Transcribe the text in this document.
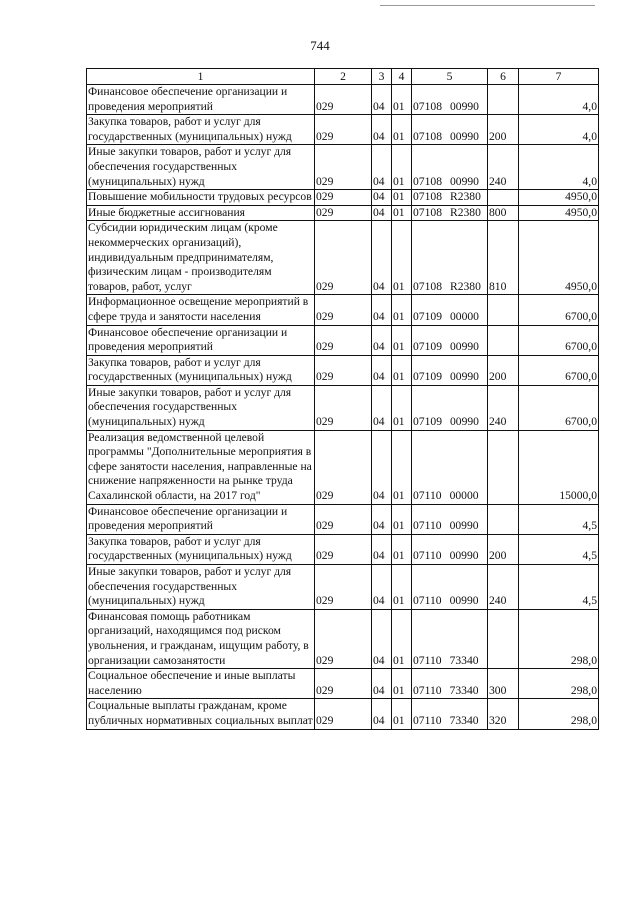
744
1	2	3	4	5	6	7
Финансовое обеспечение организации и проведения мероприятий	029	04	01	07108 00990		4,0
Закупка товаров, работ и услуг для государственных (муниципальных) нужд	029	04	01	07108 00990	200	4,0
Иные закупки товаров, работ и услуг для обеспечения государственных (муниципальных) нужд	029	04	01	07108 00990	240	4,0
Повышение мобильности трудовых ресурсов	029	04	01	07108 R2380		4950,0
Иные бюджетные ассигнования	029	04	01	07108 R2380	800	4950,0
Субсидии юридическим лицам (кроме некоммерческих организаций), индивидуальным предпринимателям, физическим лицам - производителям товаров, работ, услуг	029	04	01	07108 R2380	810	4950,0
Информационное освещение мероприятий в сфере труда и занятости населения	029	04	01	07109 00000		6700,0
Финансовое обеспечение организации и проведения мероприятий	029	04	01	07109 00990		6700,0
Закупка товаров, работ и услуг для государственных (муниципальных) нужд	029	04	01	07109 00990	200	6700,0
Иные закупки товаров, работ и услуг для обеспечения государственных (муниципальных) нужд	029	04	01	07109 00990	240	6700,0
Реализация ведомственной целевой программы "Дополнительные мероприятия в сфере занятости населения, направленные на снижение напряженности на рынке труда Сахалинской области, на 2017 год"	029	04	01	07110 00000		15000,0
Финансовое обеспечение организации и проведения мероприятий	029	04	01	07110 00990		4,5
Закупка товаров, работ и услуг для государственных (муниципальных) нужд	029	04	01	07110 00990	200	4,5
Иные закупки товаров, работ и услуг для обеспечения государственных (муниципальных) нужд	029	04	01	07110 00990	240	4,5
Финансовая помощь работникам организаций, находящимся под риском увольнения, и гражданам, ищущим работу, в организации самозанятости	029	04	01	07110 73340		298,0
Социальное обеспечение и иные выплаты населению	029	04	01	07110 73340	300	298,0
Социальные выплаты гражданам, кроме публичных нормативных социальных выплат	029	04	01	07110 73340	320	298,0
